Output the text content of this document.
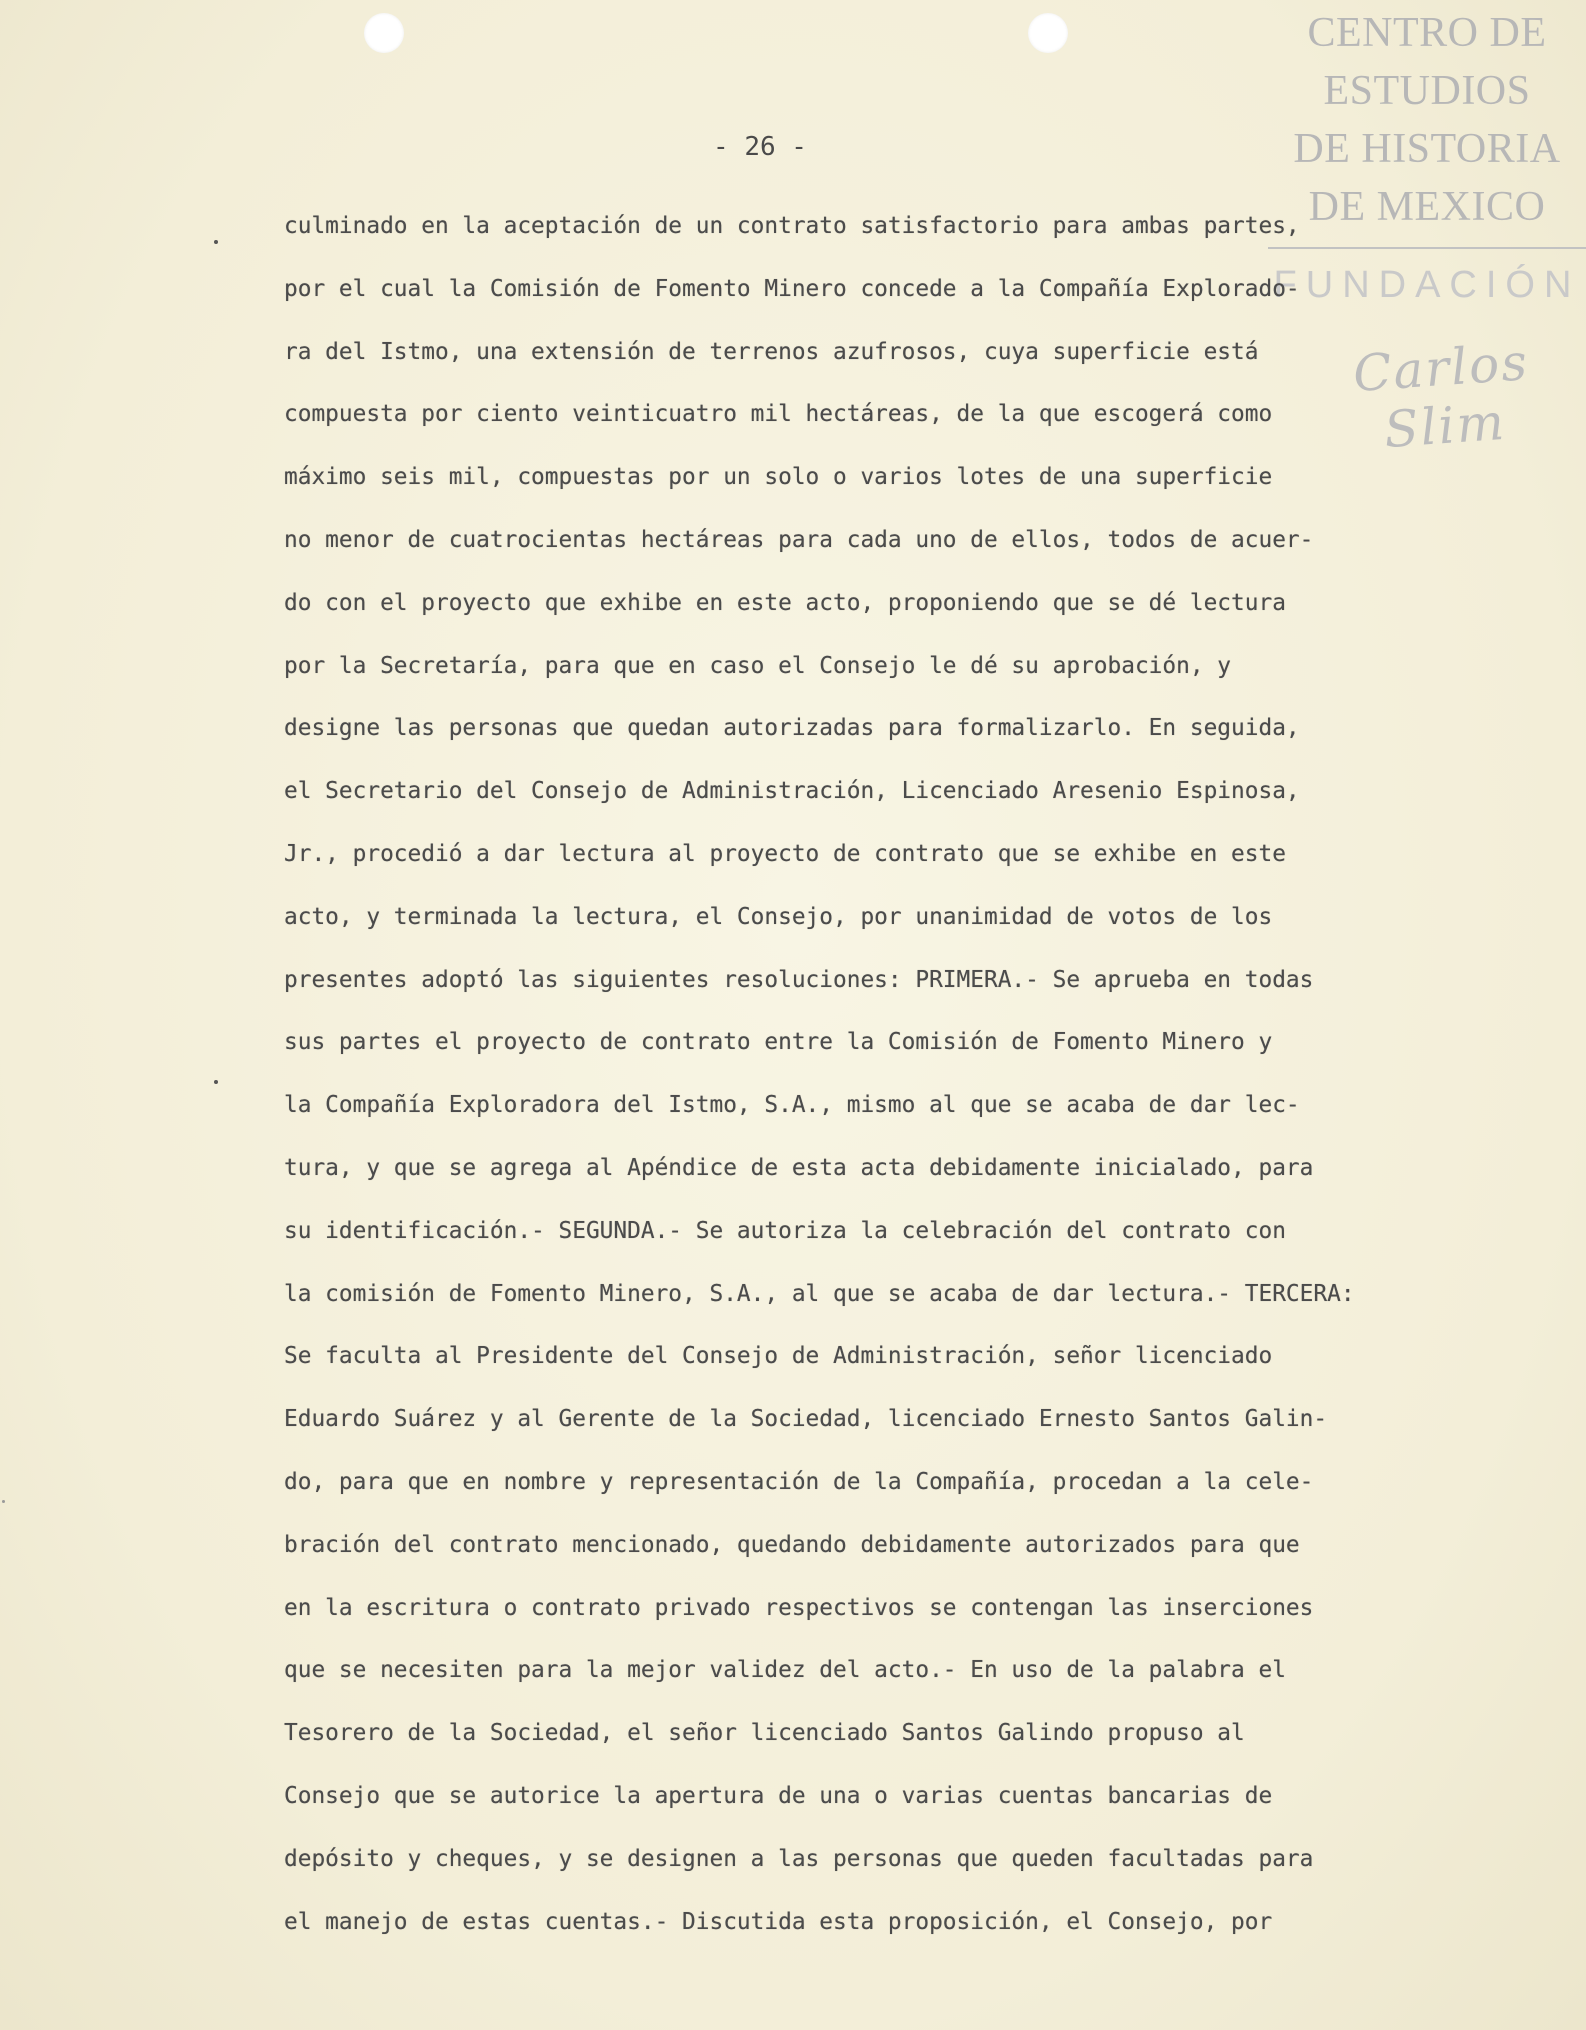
CENTRO DE
ESTUDIOS
DE HISTORIA
DE MEXICO
FUNDACIÓN
Carlos Slim
- 26 -
culminado en la aceptación de un contrato satisfactorio para ambas partes,
por el cual la Comisión de Fomento Minero concede a la Compañía Explorado-
ra del Istmo, una extensión de terrenos azufrosos, cuya superficie está
compuesta por ciento veinticuatro mil hectáreas, de la que escogerá como
máximo seis mil, compuestas por un solo o varios lotes de una superficie
no menor de cuatrocientas hectáreas para cada uno de ellos, todos de acuer-
do con el proyecto que exhibe en este acto, proponiendo que se dé lectura
por la Secretaría, para que en caso el Consejo le dé su aprobación, y
designe las personas que quedan autorizadas para formalizarlo. En seguida,
el Secretario del Consejo de Administración, Licenciado Aresenio Espinosa,
Jr., procedió a dar lectura al proyecto de contrato que se exhibe en este
acto, y terminada la lectura, el Consejo, por unanimidad de votos de los
presentes adoptó las siguientes resoluciones: PRIMERA.- Se aprueba en todas
sus partes el proyecto de contrato entre la Comisión de Fomento Minero y
la Compañía Exploradora del Istmo, S.A., mismo al que se acaba de dar lec-
tura, y que se agrega al Apéndice de esta acta debidamente inicialado, para
su identificación.- SEGUNDA.- Se autoriza la celebración del contrato con
la comisión de Fomento Minero, S.A., al que se acaba de dar lectura.- TERCERA:
Se faculta al Presidente del Consejo de Administración, señor licenciado
Eduardo Suárez y al Gerente de la Sociedad, licenciado Ernesto Santos Galin-
do, para que en nombre y representación de la Compañía, procedan a la cele-
bración del contrato mencionado, quedando debidamente autorizados para que
en la escritura o contrato privado respectivos se contengan las inserciones
que se necesiten para la mejor validez del acto.- En uso de la palabra el
Tesorero de la Sociedad, el señor licenciado Santos Galindo propuso al
Consejo que se autorice la apertura de una o varias cuentas bancarias de
depósito y cheques, y se designen a las personas que queden facultadas para
el manejo de estas cuentas.- Discutida esta proposición, el Consejo, por
